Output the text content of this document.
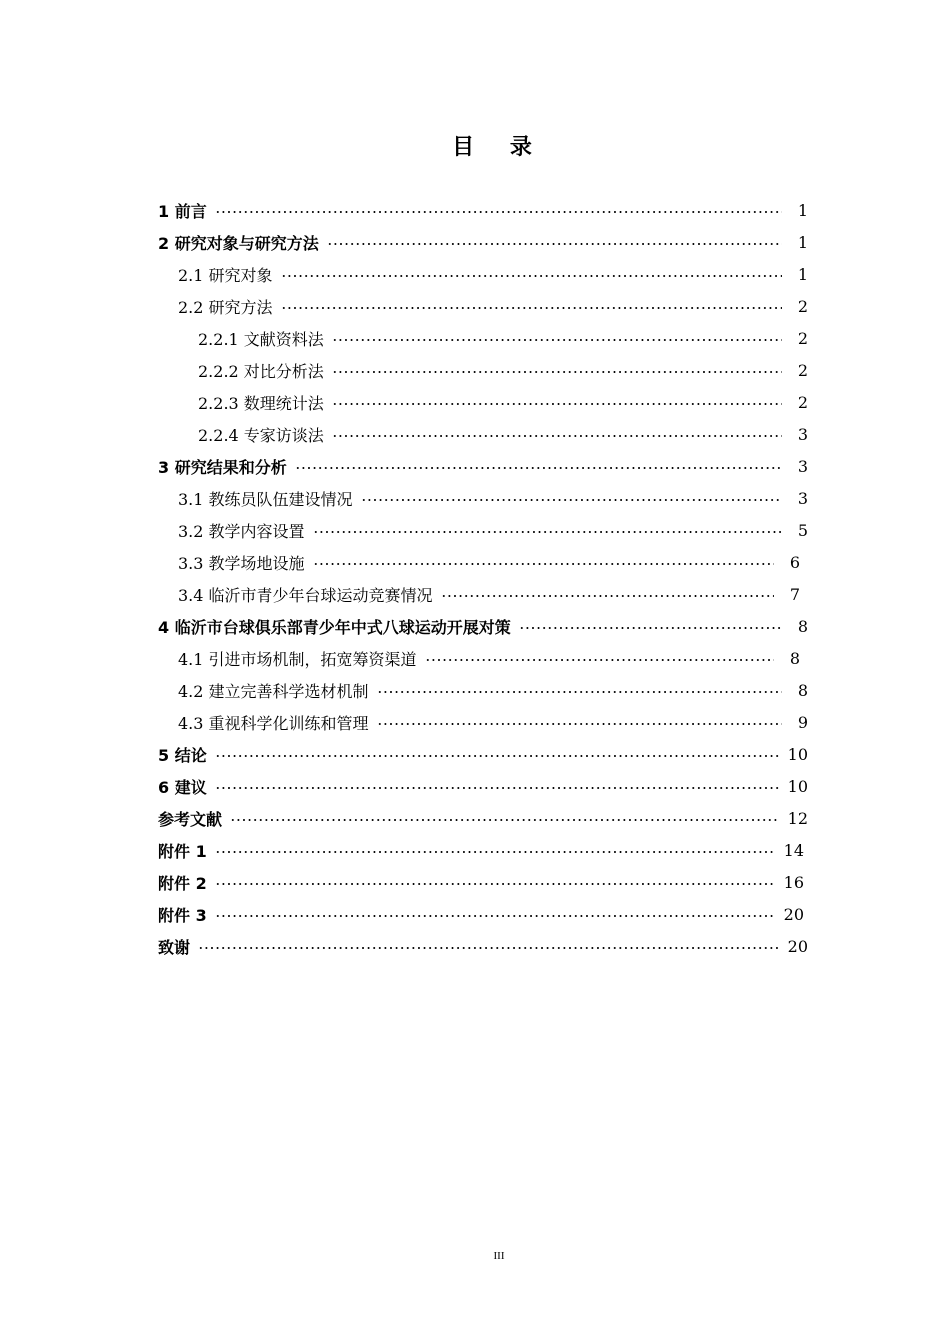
目 录
1 前言	1
2 研究对象与研究方法	1
2.1 研究对象	1
2.2 研究方法	2
2.2.1 文献资料法	2
2.2.2 对比分析法	2
2.2.3 数理统计法	2
2.2.4 专家访谈法	3
3 研究结果和分析	3
3.1 教练员队伍建设情况	3
3.2 教学内容设置	5
3.3 教学场地设施	6
3.4 临沂市青少年台球运动竞赛情况	7
4 临沂市台球俱乐部青少年中式八球运动开展对策	8
4.1 引进市场机制，拓宽筹资渠道	8
4.2 建立完善科学选材机制	8
4.3 重视科学化训练和管理	9
5 结论	10
6 建议	10
参考文献	12
附件 1	14
附件 2	16
附件 3	20
致谢	20
III
